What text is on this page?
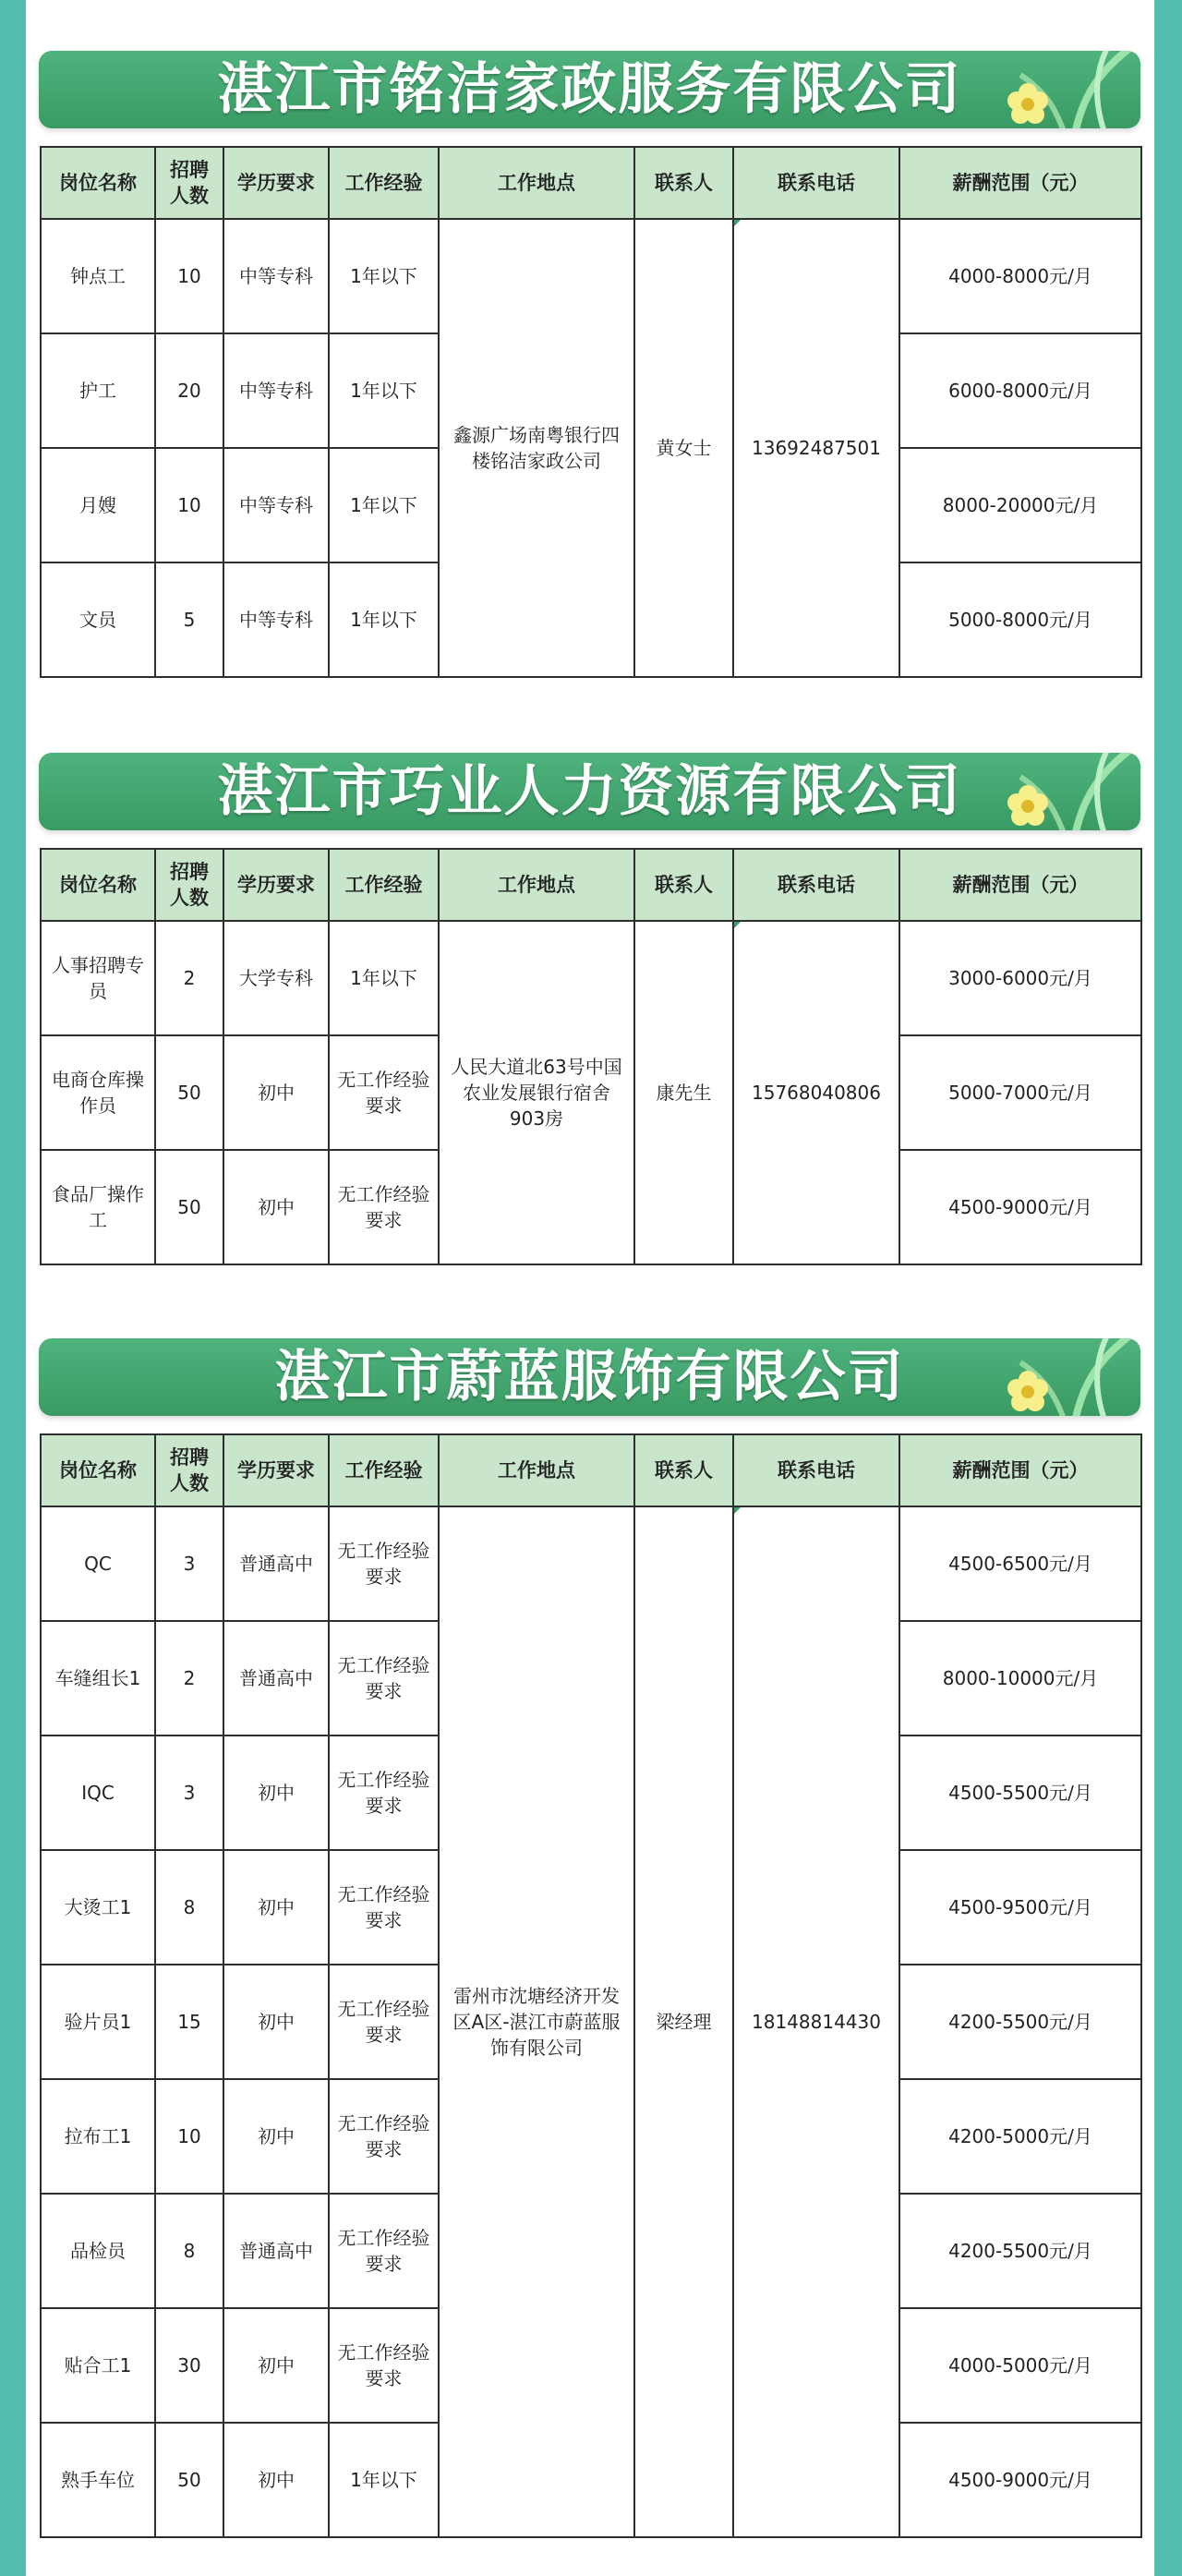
湛江市铭洁家政服务有限公司
岗位名称	招聘人数	学历要求	工作经验	工作地点	联系人	联系电话	薪酬范围（元）
钟点工	10	中等专科	1年以下	鑫源广场南粤银行四楼铭洁家政公司	黄女士	13692487501	4000-8000元/月
护工	20	中等专科	1年以下				6000-8000元/月
月嫂	10	中等专科	1年以下				8000-20000元/月
文员	5	中等专科	1年以下				5000-8000元/月
湛江市巧业人力资源有限公司
岗位名称	招聘人数	学历要求	工作经验	工作地点	联系人	联系电话	薪酬范围（元）
人事招聘专员	2	大学专科	1年以下	人民大道北63号中国农业发展银行宿舍903房	康先生	15768040806	3000-6000元/月
电商仓库操作员	50	初中	无工作经验要求				5000-7000元/月
食品厂操作工	50	初中	无工作经验要求				4500-9000元/月
湛江市蔚蓝服饰有限公司
岗位名称	招聘人数	学历要求	工作经验	工作地点	联系人	联系电话	薪酬范围（元）
QC	3	普通高中	无工作经验要求	雷州市沈塘经济开发区A区-湛江市蔚蓝服饰有限公司	梁经理	18148814430	4500-6500元/月
车缝组长1	2	普通高中	无工作经验要求				8000-10000元/月
IQC	3	初中	无工作经验要求				4500-5500元/月
大烫工1	8	初中	无工作经验要求				4500-9500元/月
验片员1	15	初中	无工作经验要求				4200-5500元/月
拉布工1	10	初中	无工作经验要求				4200-5000元/月
品检员	8	普通高中	无工作经验要求				4200-5500元/月
贴合工1	30	初中	无工作经验要求				4000-5000元/月
熟手车位	50	初中	1年以下				4500-9000元/月
